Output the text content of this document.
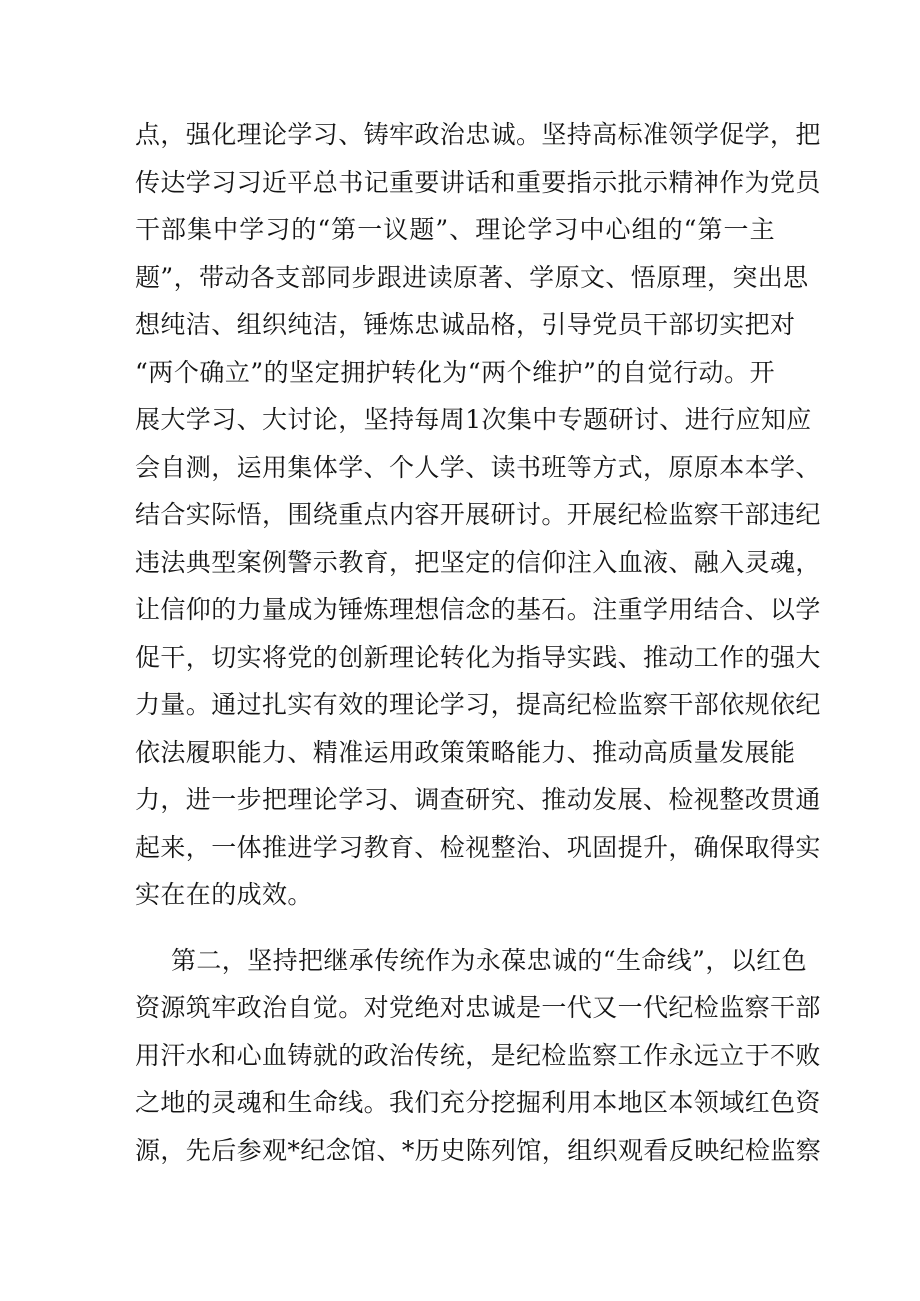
点，强化理论学习、铸牢政治忠诚。坚持高标准领学促学，把
传达学习习近平总书记重要讲话和重要指示批示精神作为党员
干部集中学习的“第一议题”、理论学习中心组的“第一主
题”，带动各支部同步跟进读原著、学原文、悟原理，突出思
想纯洁、组织纯洁，锤炼忠诚品格，引导党员干部切实把对
“两个确立”的坚定拥护转化为“两个维护”的自觉行动。开
展大学习、大讨论，坚持每周1次集中专题研讨、进行应知应
会自测，运用集体学、个人学、读书班等方式，原原本本学、
结合实际悟，围绕重点内容开展研讨。开展纪检监察干部违纪
违法典型案例警示教育，把坚定的信仰注入血液、融入灵魂，
让信仰的力量成为锤炼理想信念的基石。注重学用结合、以学
促干，切实将党的创新理论转化为指导实践、推动工作的强大
力量。通过扎实有效的理论学习，提高纪检监察干部依规依纪
依法履职能力、精准运用政策策略能力、推动高质量发展能
力，进一步把理论学习、调查研究、推动发展、检视整改贯通
起来，一体推进学习教育、检视整治、巩固提升，确保取得实
实在在的成效。
第二，坚持把继承传统作为永葆忠诚的“生命线”，以红色
资源筑牢政治自觉。对党绝对忠诚是一代又一代纪检监察干部
用汗水和心血铸就的政治传统，是纪检监察工作永远立于不败
之地的灵魂和生命线。我们充分挖掘利用本地区本领域红色资
源，先后参观*纪念馆、*历史陈列馆，组织观看反映纪检监察
